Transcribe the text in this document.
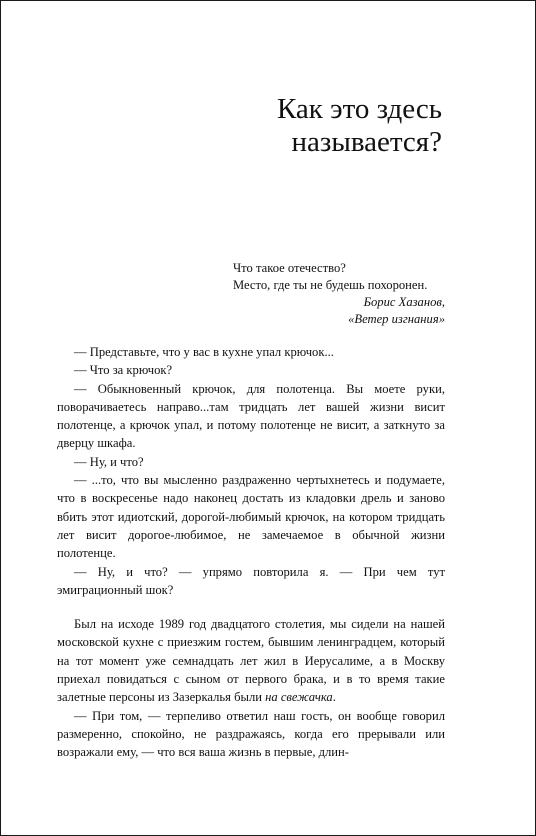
Как это здесь
называется?
Что такое отечество?
Место, где ты не будешь похоронен.
Борис Хазанов,
«Ветер изгнания»

— Представьте, что у вас в кухне упал крючок...

— Что за крючок?

— Обыкновенный крючок, для полотенца. Вы моете руки, поворачиваетесь направо...там тридцать лет вашей жизни висит полотенце, а крючок упал, и потому полотенце не висит, а заткнуто за дверцу шкафа.

— Ну, и что?

— ...то, что вы мысленно раздраженно чертыхнетесь и подумаете, что в воскресенье надо наконец достать из кладовки дрель и заново вбить этот идиотский, дорогой-любимый крючок, на котором тридцать лет висит дорогое-любимое, не замечаемое в обычной жизни полотенце.

— Ну, и что? — упрямо повторила я. — При чем тут эмиграционный шок?

Был на исходе 1989 год двадцатого столетия, мы сидели на нашей московской кухне с приезжим гостем, бывшим ленинградцем, который на тот момент уже семнадцать лет жил в Иерусалиме, а в Москву приехал повидаться с сыном от первого брака, и в то время такие залетные персоны из Зазеркалья были на свежачка.

— При том, — терпеливо ответил наш гость, он вообще говорил размеренно, спокойно, не раздражаясь, когда его прерывали или возражали ему, — что вся ваша жизнь в первые, длин-
